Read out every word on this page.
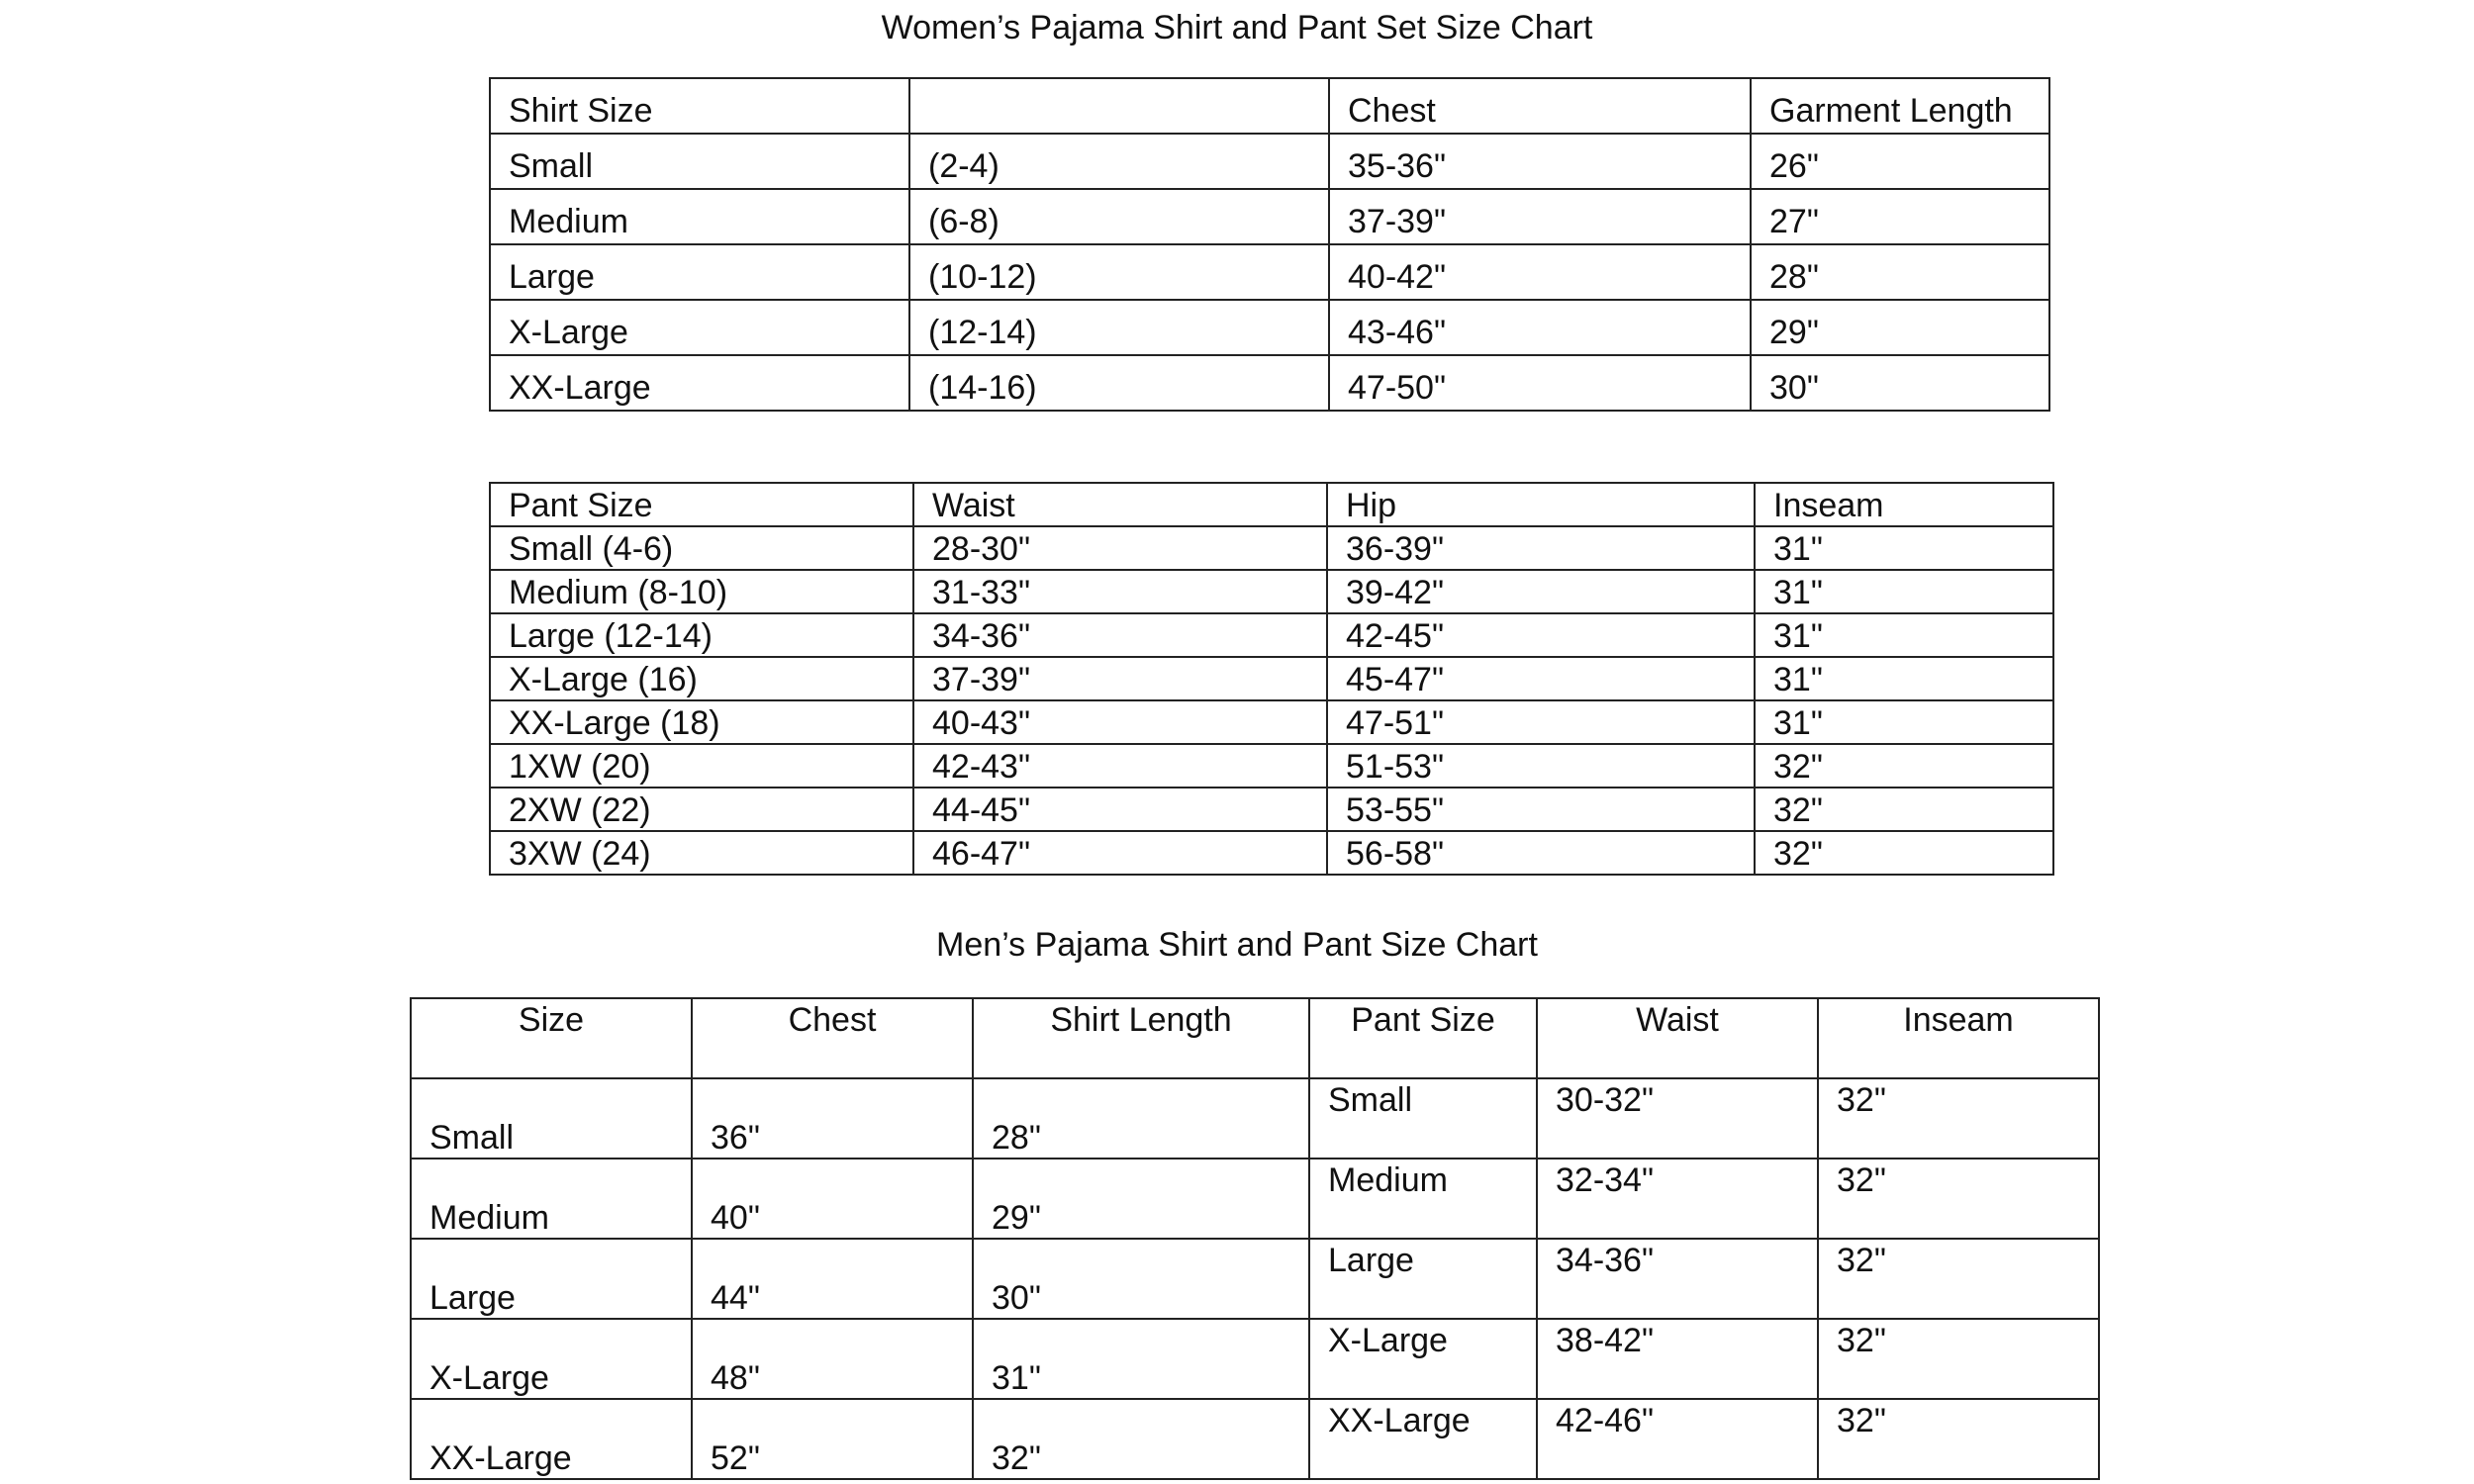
Women’s Pajama Shirt and Pant Set Size Chart
Shirt Size		Chest	Garment Length
Small	(2-4)	35-36"	26"
Medium	(6-8)	37-39"	27"
Large	(10-12)	40-42"	28"
X-Large	(12-14)	43-46"	29"
XX-Large	(14-16)	47-50"	30"
Pant Size	Waist	Hip	Inseam
Small (4-6)	28-30"	36-39"	31"
Medium (8-10)	31-33"	39-42"	31"
Large (12-14)	34-36"	42-45"	31"
X-Large (16)	37-39"	45-47"	31"
XX-Large (18)	40-43"	47-51"	31"
1XW (20)	42-43"	51-53"	32"
2XW (22)	44-45"	53-55"	32"
3XW (24)	46-47"	56-58"	32"
Men’s Pajama Shirt and Pant Size Chart
Size	Chest	Shirt Length	Pant Size	Waist	Inseam
Small	36"	28"	Small	30-32"	32"
Medium	40"	29"	Medium	32-34"	32"
Large	44"	30"	Large	34-36"	32"
X-Large	48"	31"	X-Large	38-42"	32"
XX-Large	52"	32"	XX-Large	42-46"	32"
